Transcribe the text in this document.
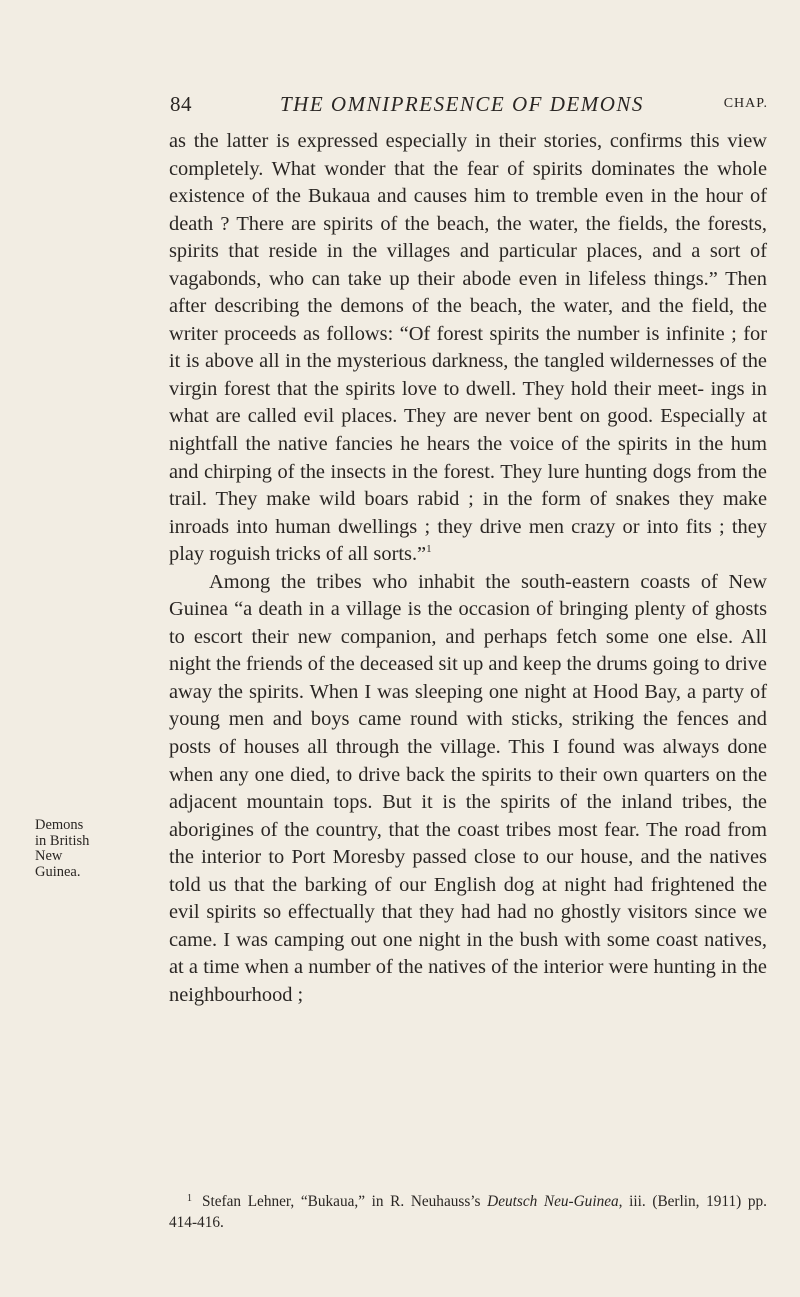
84	THE OMNIPRESENCE OF DEMONS	CHAP.

as the latter is expressed especially in their stories, confirms this view completely. What wonder that the fear of spirits dominates the whole existence of the Bukaua and causes him to tremble even in the hour of death ? There are spirits of the beach, the water, the fields, the forests, spirits that reside in the villages and particular places, and a sort of vagabonds, who can take up their abode even in lifeless things.” Then after describing the demons of the beach, the water, and the field, the writer proceeds as follows: “Of forest spirits the number is infinite ; for it is above all in the mysterious darkness, the tangled wildernesses of the virgin forest that the spirits love to dwell. They hold their meet- ings in what are called evil places. They are never bent on good. Especially at nightfall the native fancies he hears the voice of the spirits in the hum and chirping of the insects in the forest. They lure hunting dogs from the trail. They make wild boars rabid ; in the form of snakes they make inroads into human dwellings ; they drive men crazy or into fits ; they play roguish tricks of all sorts.”$^1$

Among the tribes who inhabit the south-eastern coasts of New Guinea “a death in a village is the occasion of bringing plenty of ghosts to escort their new companion, and perhaps fetch some one else. All night the friends of the deceased sit up and keep the drums going to drive away the spirits. When I was sleeping one night at Hood Bay, a party of young men and boys came round with sticks, striking the fences and posts of houses all through the village. This I found was always done when any one died, to drive back the spirits to their own quarters on the adjacent mountain tops. But it is the spirits of the inland tribes, the aborigines of the country, that the coast tribes most fear. The road from the interior to Port Moresby passed close to our house, and the natives told us that the barking of our English dog at night had frightened the evil spirits so effectually that they had had no ghostly visitors since we came. I was camping out one night in the bush with some coast natives, at a time when a number of the natives of the interior were hunting in the neighbourhood ;

Demons
in British
New
Guinea.
$^1$ Stefan Lehner, “Bukaua,” in R. Neuhauss’s Deutsch Neu-Guinea, iii. (Berlin, 1911) pp. 414-416.
